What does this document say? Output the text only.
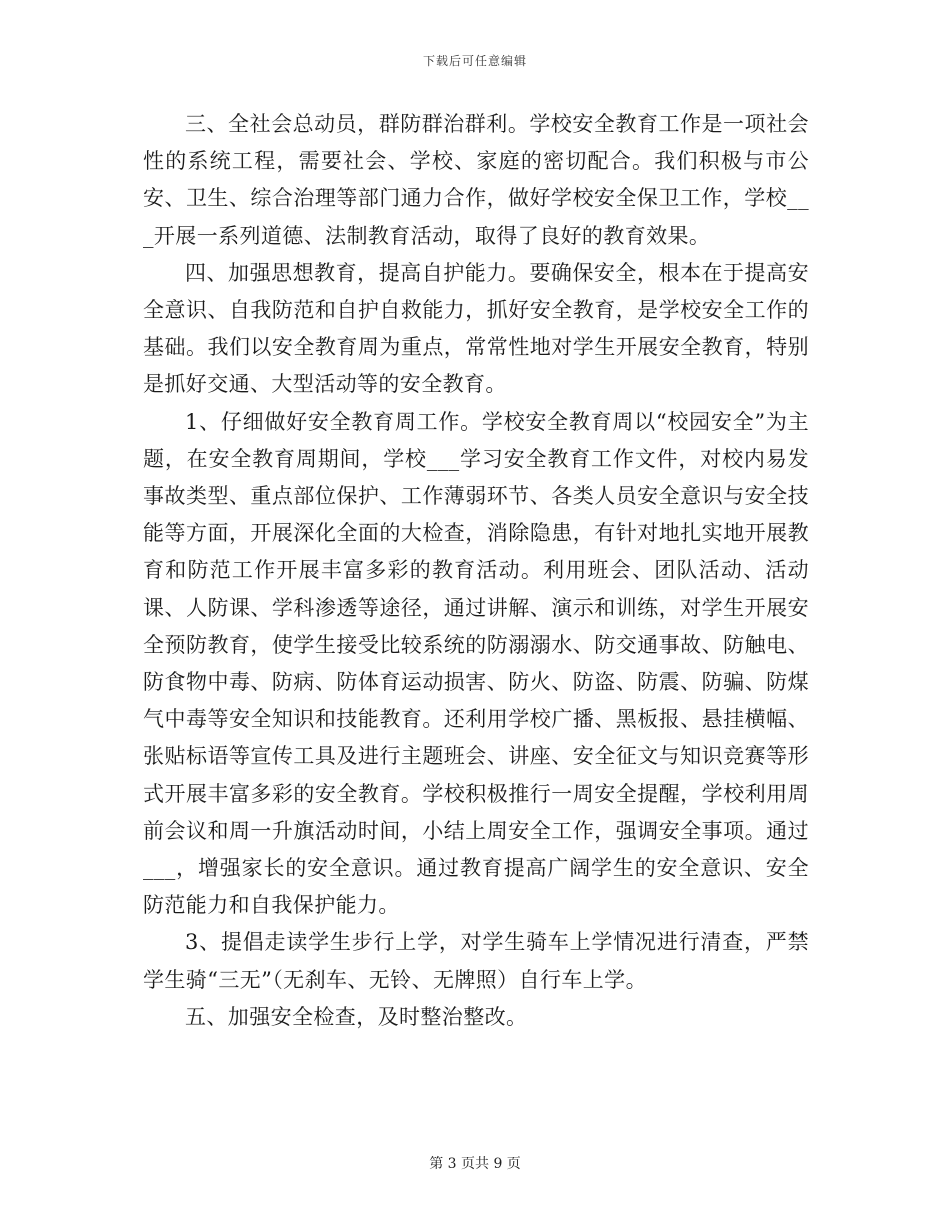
下载后可任意编辑

三、全社会总动员，群防群治群利。学校安全教育工作是一项社会性的系统工程，需要社会、学校、家庭的密切配合。我们积极与市公安、卫生、综合治理等部门通力合作，做好学校安全保卫工作，学校___开展一系列道德、法制教育活动，取得了良好的教育效果。

四、加强思想教育，提高自护能力。要确保安全，根本在于提高安全意识、自我防范和自护自救能力，抓好安全教育，是学校安全工作的基础。我们以安全教育周为重点，常常性地对学生开展安全教育，特别是抓好交通、大型活动等的安全教育。

1、仔细做好安全教育周工作。学校安全教育周以“校园安全”为主题，在安全教育周期间，学校___学习安全教育工作文件，对校内易发事故类型、重点部位保护、工作薄弱环节、各类人员安全意识与安全技能等方面，开展深化全面的大检查，消除隐患，有针对地扎实地开展教育和防范工作开展丰富多彩的教育活动。利用班会、团队活动、活动课、人防课、学科渗透等途径，通过讲解、演示和训练，对学生开展安全预防教育，使学生接受比较系统的防溺溺水、防交通事故、防触电、防食物中毒、防病、防体育运动损害、防火、防盗、防震、防骗、防煤气中毒等安全知识和技能教育。还利用学校广播、黑板报、悬挂横幅、张贴标语等宣传工具及进行主题班会、讲座、安全征文与知识竞赛等形式开展丰富多彩的安全教育。学校积极推行一周安全提醒，学校利用周前会议和周一升旗活动时间，小结上周安全工作，强调安全事项。通过___，增强家长的安全意识。通过教育提高广阔学生的安全意识、安全防范能力和自我保护能力。

3、提倡走读学生步行上学，对学生骑车上学情况进行清查，严禁学生骑“三无”（无刹车、无铃、无牌照）自行车上学。

五、加强安全检查，及时整治整改。

第 3 页共 9 页
